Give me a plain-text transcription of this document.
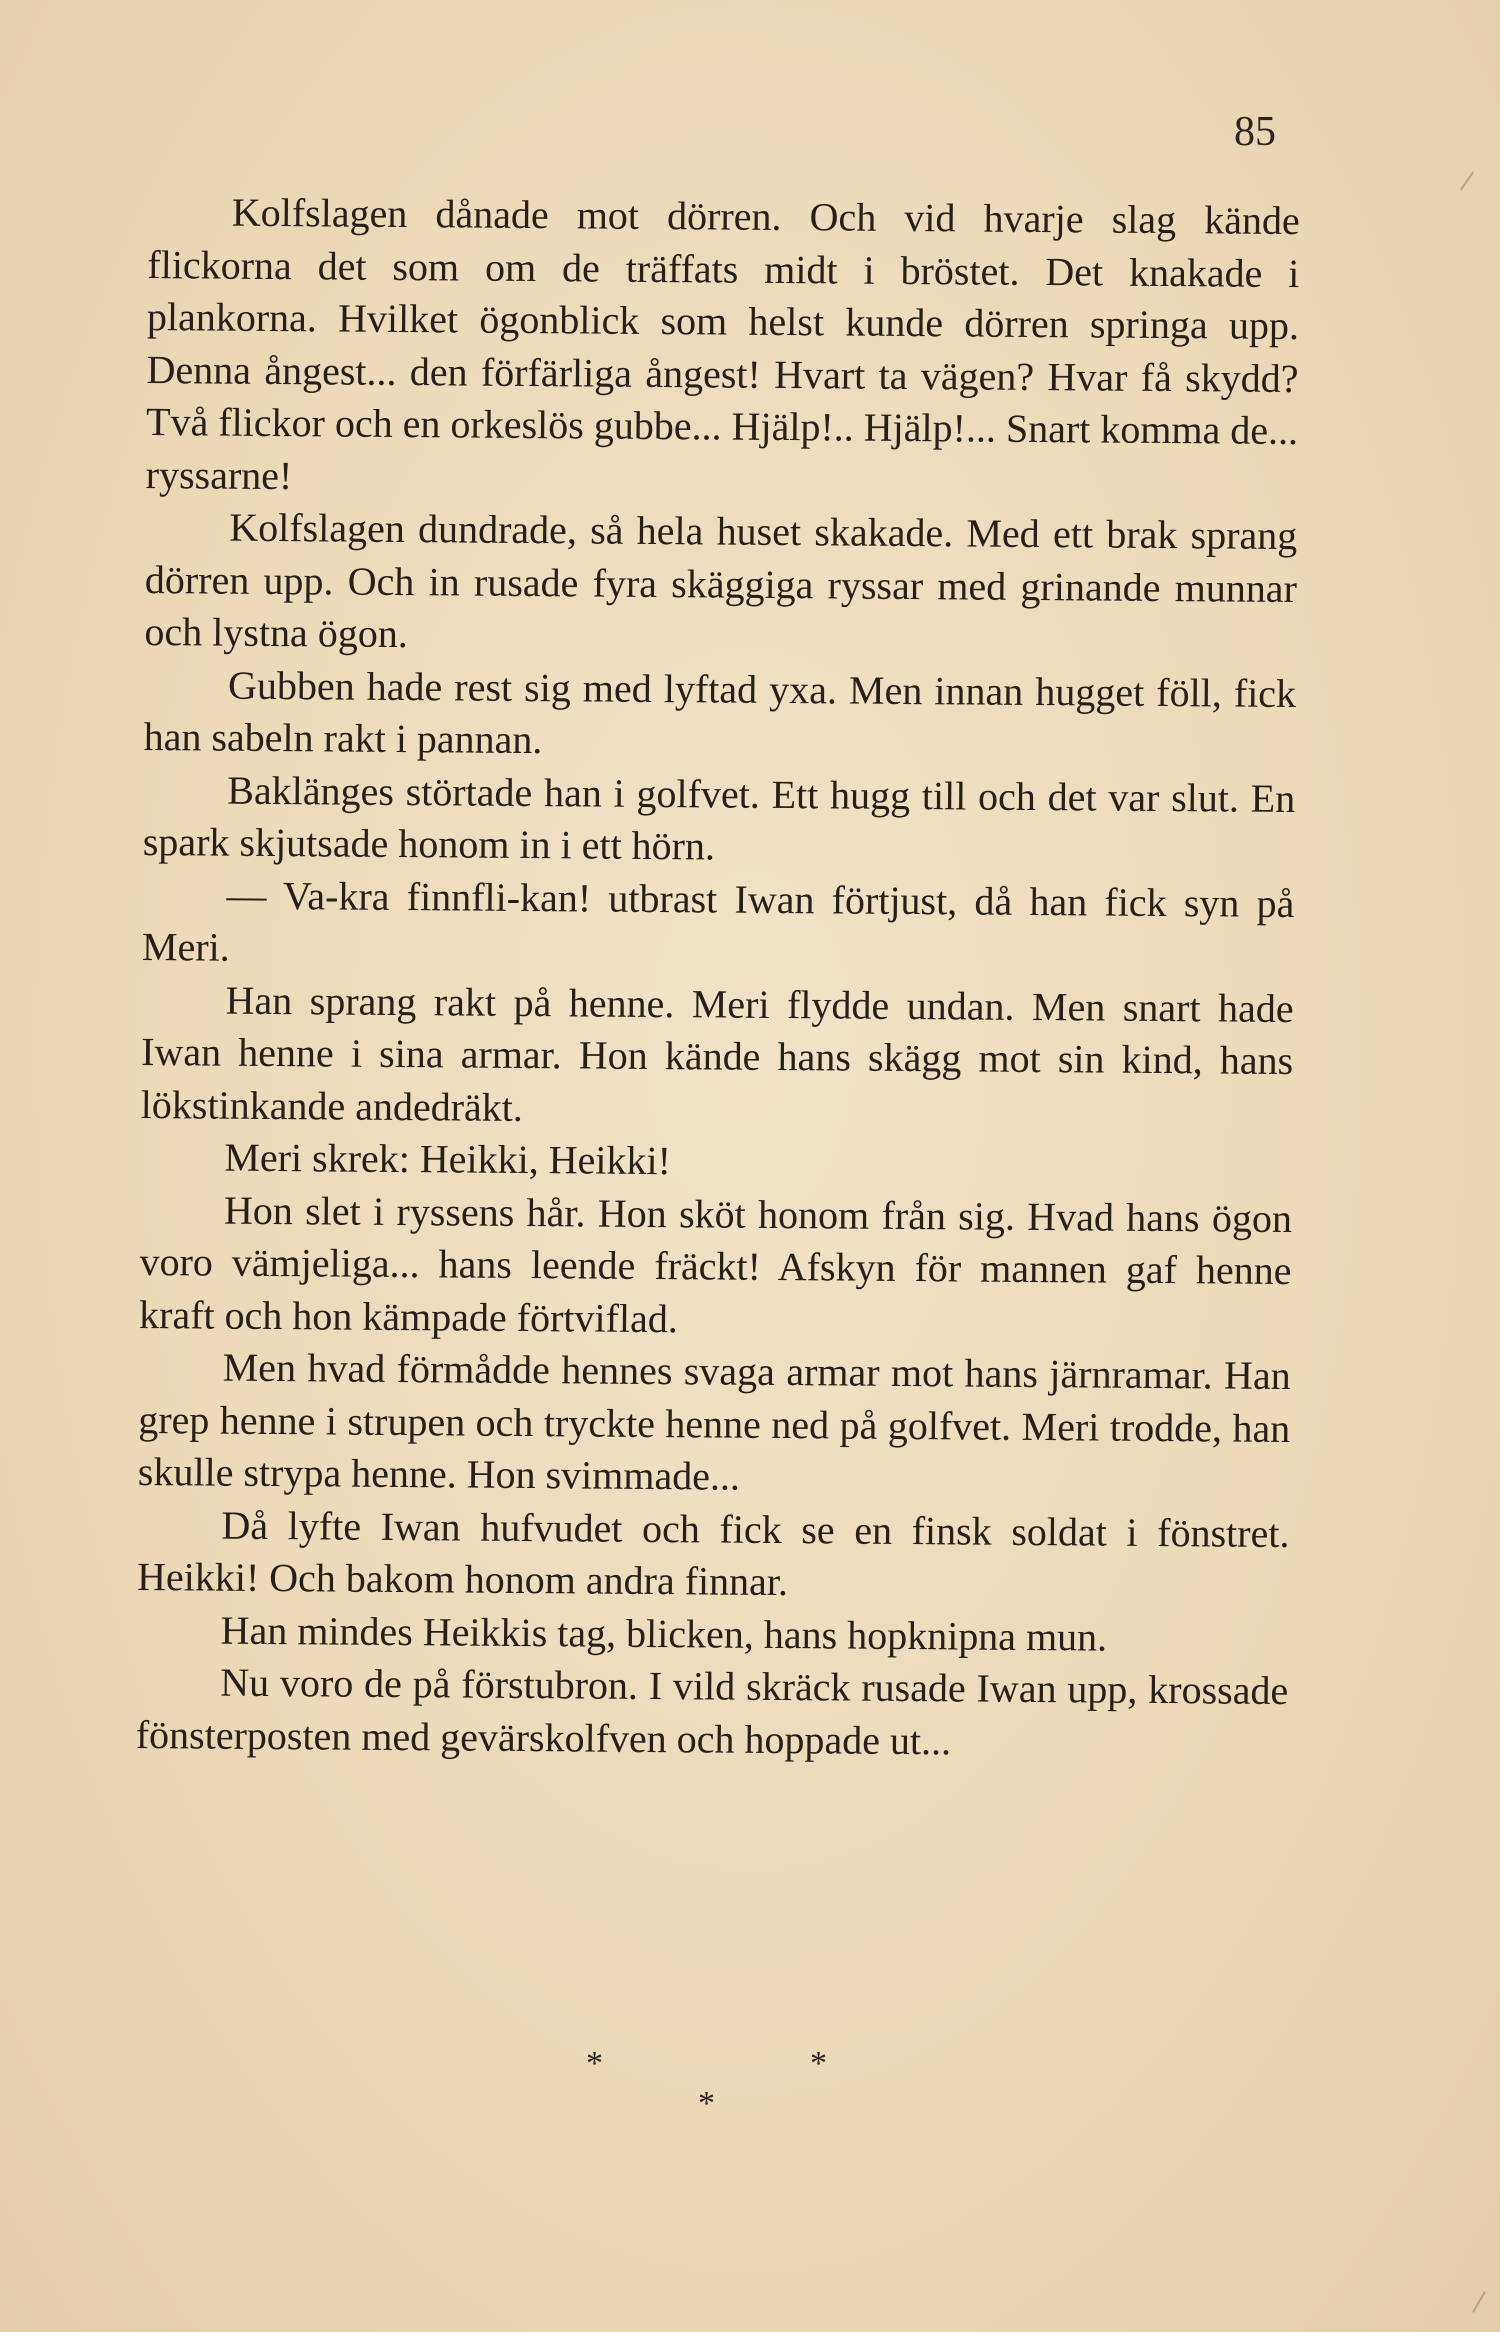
85

Kolfslagen dånade mot dörren. Och vid hvarje slag kände flickorna det som om de träffats midt i bröstet. Det knakade i plankorna. Hvilket ögonblick som helst kunde dörren springa upp. Denna ångest... den förfärliga ångest! Hvart ta vägen? Hvar få skydd? Två flickor och en orkeslös gubbe... Hjälp!.. Hjälp!... Snart komma de... ryssarne!

Kolfslagen dundrade, så hela huset skakade. Med ett brak sprang dörren upp. Och in rusade fyra skäggiga ryssar med grinande munnar och lystna ögon.

Gubben hade rest sig med lyftad yxa. Men innan hugget föll, fick han sabeln rakt i pannan.

Baklänges störtade han i golfvet. Ett hugg till och det var slut. En spark skjutsade honom in i ett hörn.

— Va-kra finnfli-kan! utbrast Iwan förtjust, då han fick syn på Meri.

Han sprang rakt på henne. Meri flydde undan. Men snart hade Iwan henne i sina armar. Hon kände hans skägg mot sin kind, hans lökstinkande andedräkt.

Meri skrek: Heikki, Heikki!

Hon slet i ryssens hår. Hon sköt honom från sig. Hvad hans ögon voro vämjeliga... hans leende fräckt! Afskyn för mannen gaf henne kraft och hon kämpade förtviflad.

Men hvad förmådde hennes svaga armar mot hans järnramar. Han grep henne i strupen och tryckte henne ned på golfvet. Meri trodde, han skulle strypa henne. Hon svimmade...

Då lyfte Iwan hufvudet och fick se en finsk soldat i fönstret. Heikki! Och bakom honom andra finnar.

Han mindes Heikkis tag, blicken, hans hopknipna mun.

Nu voro de på förstubron. I vild skräck rusade Iwan upp, krossade fönsterposten med gevärskolfven och hoppade ut...

*	*
*
